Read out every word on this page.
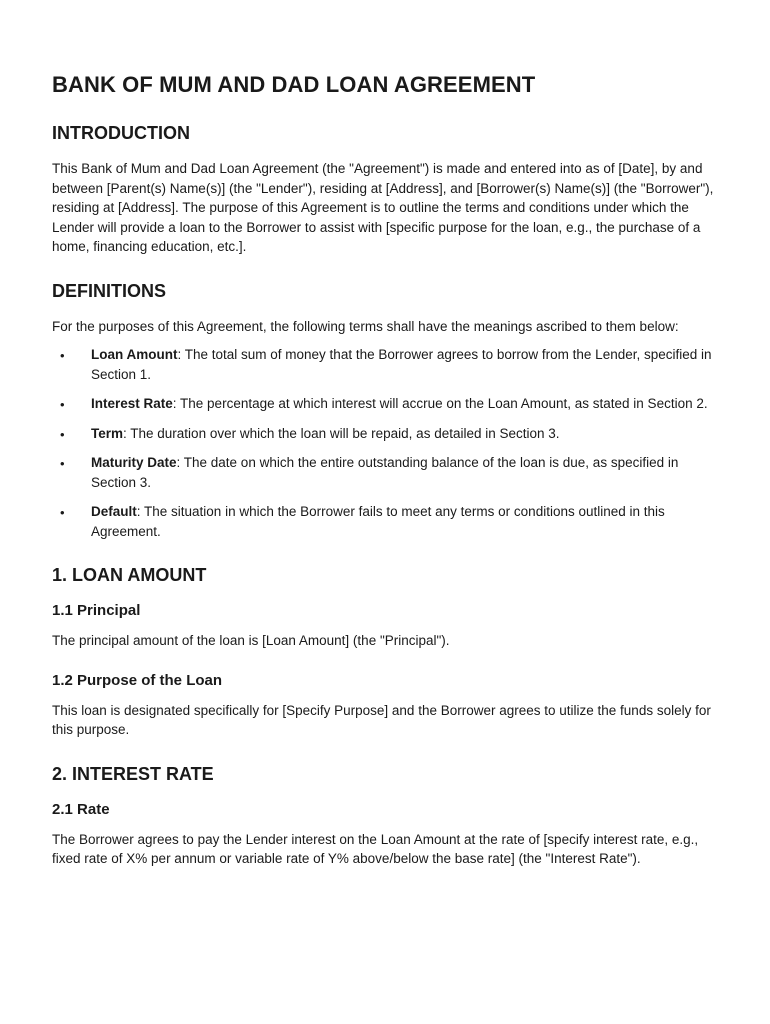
BANK OF MUM AND DAD LOAN AGREEMENT
INTRODUCTION

This Bank of Mum and Dad Loan Agreement (the "Agreement") is made and entered into as of [Date], by and between [Parent(s) Name(s)] (the "Lender"), residing at [Address], and [Borrower(s) Name(s)] (the "Borrower"), residing at [Address]. The purpose of this Agreement is to outline the terms and conditions under which the Lender will provide a loan to the Borrower to assist with [specific purpose for the loan, e.g., the purchase of a home, financing education, etc.].

DEFINITIONS

For the purposes of this Agreement, the following terms shall have the meanings ascribed to them below:

• Loan Amount: The total sum of money that the Borrower agrees to borrow from the Lender, specified in Section 1.
• Interest Rate: The percentage at which interest will accrue on the Loan Amount, as stated in Section 2.
• Term: The duration over which the loan will be repaid, as detailed in Section 3.
• Maturity Date: The date on which the entire outstanding balance of the loan is due, as specified in Section 3.
• Default: The situation in which the Borrower fails to meet any terms or conditions outlined in this Agreement.
1. LOAN AMOUNT
1.1 Principal

The principal amount of the loan is [Loan Amount] (the "Principal").

1.2 Purpose of the Loan

This loan is designated specifically for [Specify Purpose] and the Borrower agrees to utilize the funds solely for this purpose.

2. INTEREST RATE
2.1 Rate

The Borrower agrees to pay the Lender interest on the Loan Amount at the rate of [specify interest rate, e.g., fixed rate of X% per annum or variable rate of Y% above/below the base rate] (the "Interest Rate").
